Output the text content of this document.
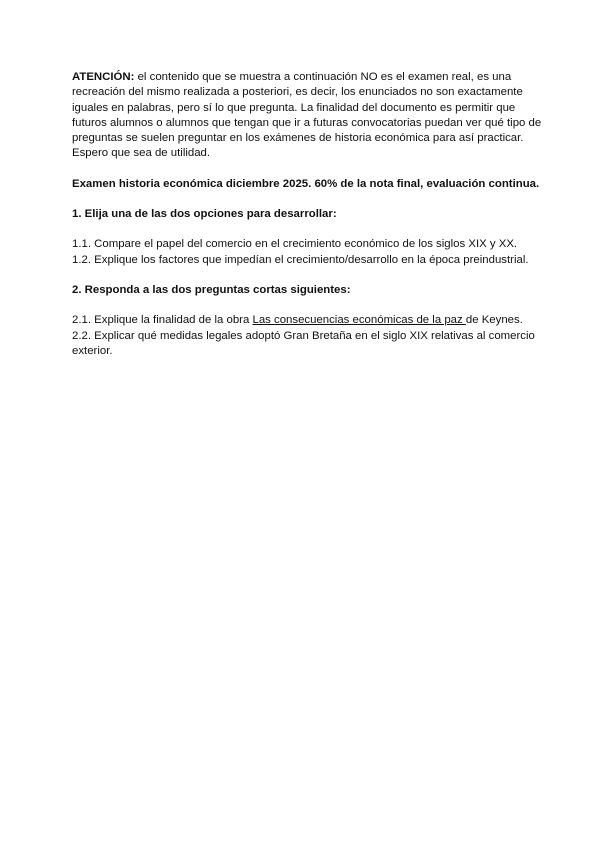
ATENCIÓN: el contenido que se muestra a continuación NO es el examen real, es una recreación del mismo realizada a posteriori, es decir, los enunciados no son exactamente iguales en palabras, pero sí lo que pregunta. La finalidad del documento es permitir que futuros alumnos o alumnos que tengan que ir a futuras convocatorias puedan ver qué tipo de preguntas se suelen preguntar en los exámenes de historia económica para así practicar. Espero que sea de utilidad.

Examen historia económica diciembre 2025. 60% de la nota final, evaluación continua.

1. Elija una de las dos opciones para desarrollar:

1.1. Compare el papel del comercio en el crecimiento económico de los siglos XIX y XX.

1.2. Explique los factores que impedían el crecimiento/desarrollo en la época preindustrial.

2. Responda a las dos preguntas cortas siguientes:

2.1. Explique la finalidad de la obra Las consecuencias económicas de la paz de Keynes.

2.2. Explicar qué medidas legales adoptó Gran Bretaña en el siglo XIX relativas al comercio exterior.
